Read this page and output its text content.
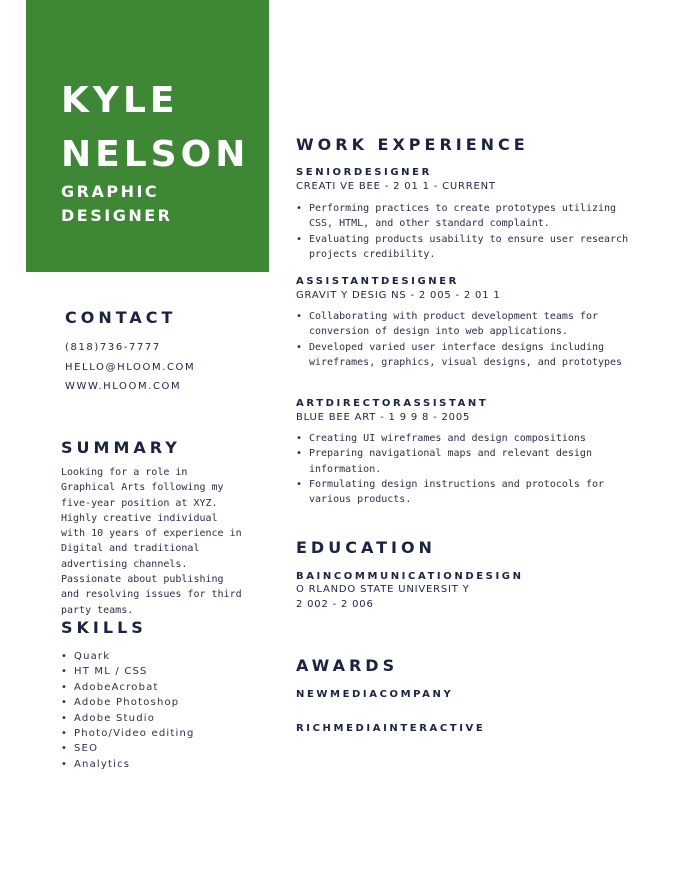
KYLE
NELSON

GRAPHIC
DESIGNER

CONTACT

(818)736-7777

HELLO@HLOOM.COM

WWW.HLOOM.COM

SUMMARY

Looking for a role in Graphical Arts following my five-year position at XYZ. Highly creative individual with 10 years of experience in Digital and traditional advertising channels. Passionate about publishing and resolving issues for third party teams.

SKILLS
• Quark
• HT ML / CSS
• AdobeAcrobat
• Adobe Photoshop
• Adobe Studio
• Photo/Video editing
• SEO
• Analytics
WORK EXPERIENCE

SENIORDESIGNER

CREATI VE BEE - 2 01 1 - CURRENT

• Performing practices to create prototypes utilizing CSS, HTML, and other standard complaint.
• Evaluating products usability to ensure user research projects credibility.

ASSISTANTDESIGNER

GRAVIT Y DESIG NS - 2 005 - 2 01 1

• Collaborating with product development teams for conversion of design into web applications.
• Developed varied user interface designs including wireframes, graphics, visual designs, and prototypes

ARTDIRECTORASSISTANT

BLUE BEE ART - 1 9 9 8 - 2005

• Creating UI wireframes and design compositions
• Preparing navigational maps and relevant design information.
• Formulating design instructions and protocols for various products.
EDUCATION

BAINCOMMUNICATIONDESIGN

O RLANDO STATE UNIVERSIT Y

2 002 - 2 006

AWARDS

NEWMEDIACOMPANY

RICHMEDIAINTERACTIVE
